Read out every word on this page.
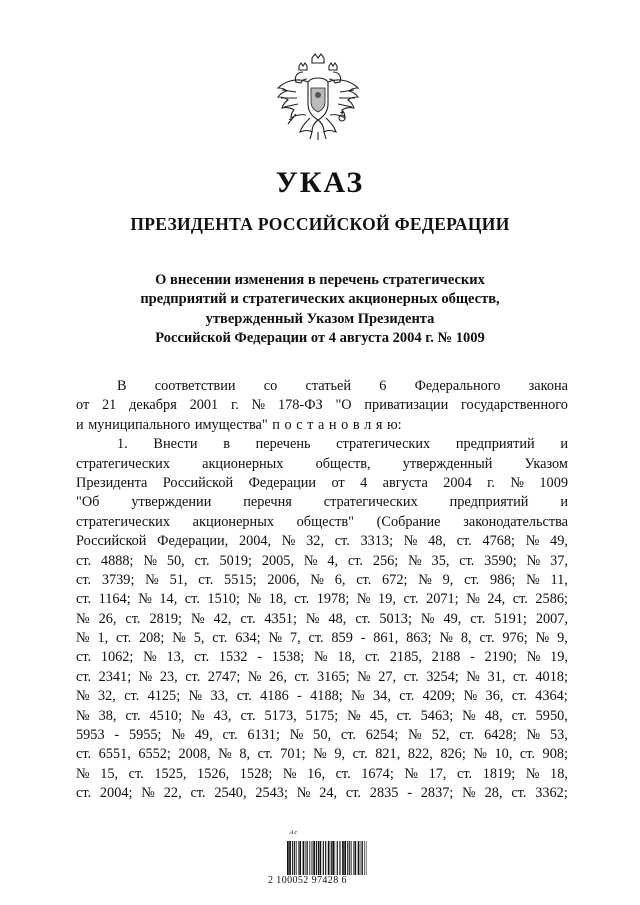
УКАЗ
ПРЕЗИДЕНТА РОССИЙСКОЙ ФЕДЕРАЦИИ
О внесении изменения в перечень стратегических
предприятий и стратегических акционерных обществ,
утвержденный Указом Президента
Российской Федерации от 4 августа 2004 г. № 1009
В соответствии со статьей 6 Федерального закона
от 21 декабря 2001 г. № 178-ФЗ "О приватизации государственного
и муниципального имущества" п о с т а н о в л я ю:
1. Внести в перечень стратегических предприятий и
стратегических акционерных обществ, утвержденный Указом
Президента Российской Федерации от 4 августа 2004 г. № 1009
"Об утверждении перечня стратегических предприятий и
стратегических акционерных обществ" (Собрание законодательства
Российской Федерации, 2004, № 32, ст. 3313; № 48, ст. 4768; № 49,
ст. 4888; № 50, ст. 5019; 2005, № 4, ст. 256; № 35, ст. 3590; № 37,
ст. 3739; № 51, ст. 5515; 2006, № 6, ст. 672; № 9, ст. 986; № 11,
ст. 1164; № 14, ст. 1510; № 18, ст. 1978; № 19, ст. 2071; № 24, ст. 2586;
№ 26, ст. 2819; № 42, ст. 4351; № 48, ст. 5013; № 49, ст. 5191; 2007,
№ 1, ст. 208; № 5, ст. 634; № 7, ст. 859 - 861, 863; № 8, ст. 976; № 9,
ст. 1062; № 13, ст. 1532 - 1538; № 18, ст. 2185, 2188 - 2190; № 19,
ст. 2341; № 23, ст. 2747; № 26, ст. 3165; № 27, ст. 3254; № 31, ст. 4018;
№ 32, ст. 4125; № 33, ст. 4186 - 4188; № 34, ст. 4209; № 36, ст. 4364;
№ 38, ст. 4510; № 43, ст. 5173, 5175; № 45, ст. 5463; № 48, ст. 5950,
5953 - 5955; № 49, ст. 6131; № 50, ст. 6254; № 52, ст. 6428; № 53,
ст. 6551, 6552; 2008, № 8, ст. 701; № 9, ст. 821, 822, 826; № 10, ст. 908;
№ 15, ст. 1525, 1526, 1528; № 16, ст. 1674; № 17, ст. 1819; № 18,
ст. 2004; № 22, ст. 2540, 2543; № 24, ст. 2835 - 2837; № 28, ст. 3362;
ᴬᶜ
2 100052 97428 6
